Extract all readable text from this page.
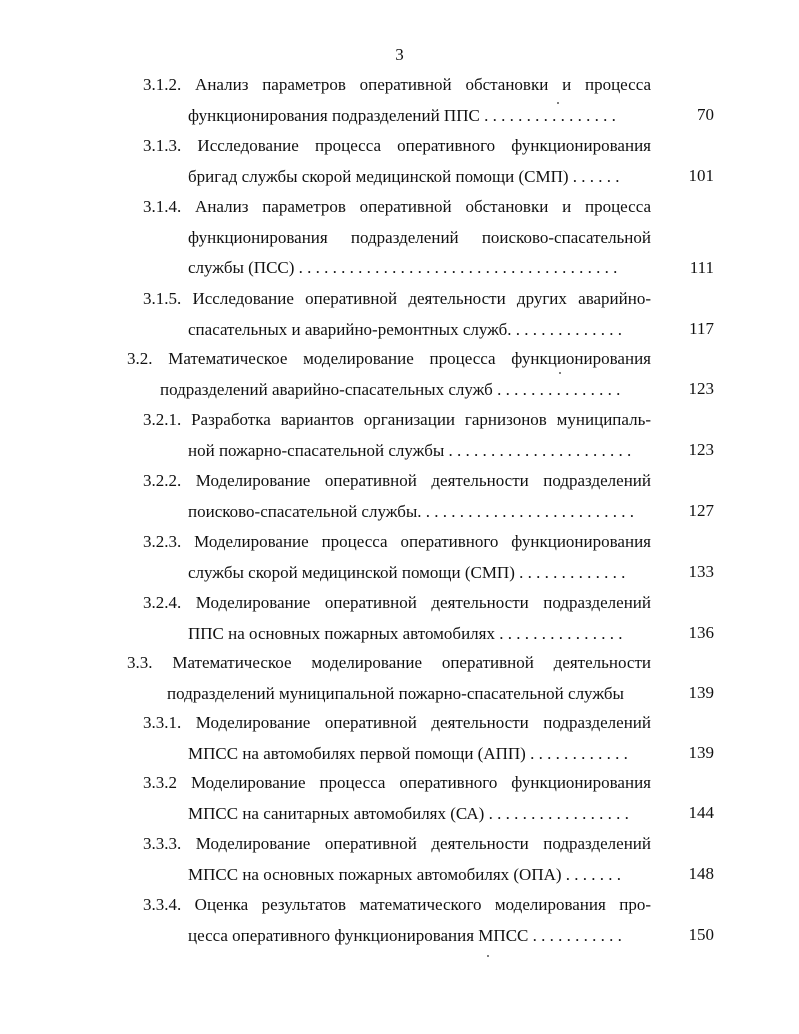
3
3.1.2. Анализ параметров оперативной обстановки и процесса
функционирования подразделений ППС . . . . . . . . . . . . . . . .	70
3.1.3. Исследование процесса оперативного функционирования
бригад службы скорой медицинской помощи (СМП) . . . . . .	101
3.1.4. Анализ параметров оперативной обстановки и процесса
функционирования подразделений поисково-спасательной
службы (ПСС) . . . . . . . . . . . . . . . . . . . . . . . . . . . . . . . . . . . . . .	111
3.1.5. Исследование оперативной деятельности других аварийно-
спасательных и аварийно-ремонтных служб. . . . . . . . . . . . . .	117
3.2. Математическое моделирование процесса функционирования
подразделений аварийно-спасательных служб . . . . . . . . . . . . . . .	123
3.2.1. Разработка вариантов организации гарнизонов муниципаль-
ной пожарно-спасательной службы . . . . . . . . . . . . . . . . . . . . . .	123
3.2.2. Моделирование оперативной деятельности подразделений
поисково-спасательной службы. . . . . . . . . . . . . . . . . . . . . . . . . .	127
3.2.3. Моделирование процесса оперативного функционирования
службы скорой медицинской помощи (СМП) . . . . . . . . . . . . .	133
3.2.4. Моделирование оперативной деятельности подразделений
ППС на основных пожарных автомобилях . . . . . . . . . . . . . . .	136
3.3. Математическое моделирование оперативной деятельности
подразделений муниципальной пожарно-спасательной службы	139
3.3.1. Моделирование оперативной деятельности подразделений
МПСС на автомобилях первой помощи (АПП) . . . . . . . . . . . .	139
3.3.2 Моделирование процесса оперативного функционирования
МПСС на санитарных автомобилях (СА) . . . . . . . . . . . . . . . . .	144
3.3.3. Моделирование оперативной деятельности подразделений
МПСС на основных пожарных автомобилях (ОПА) . . . . . . .	148
3.3.4. Оценка результатов математического моделирования про-
цесса оперативного функционирования МПСС . . . . . . . . . . .	150
